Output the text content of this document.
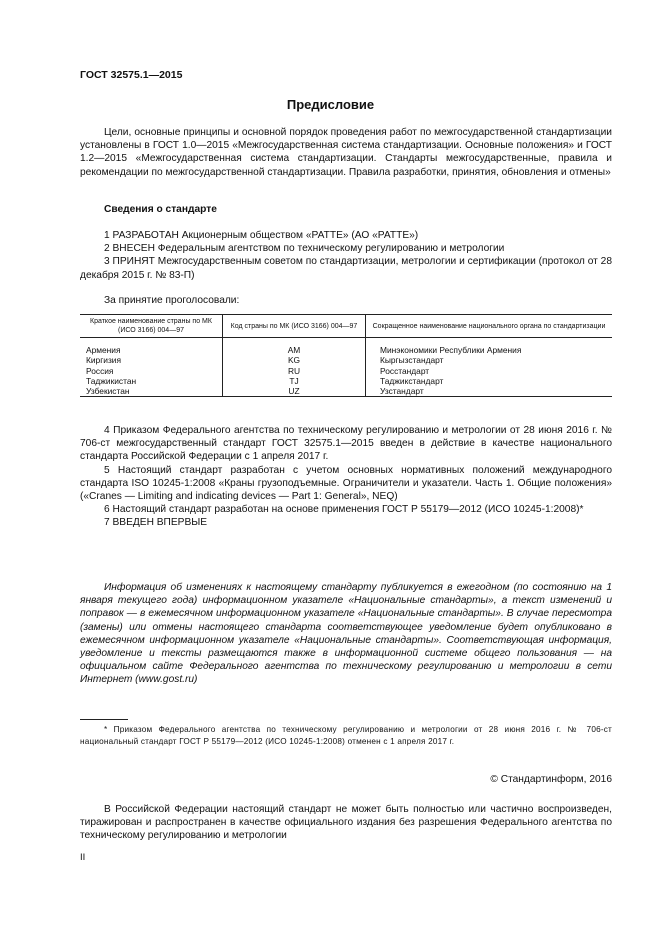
ГОСТ 32575.1—2015
Предисловие
Цели, основные принципы и основной порядок проведения работ по межгосударственной стандартизации установлены в ГОСТ 1.0—2015 «Межгосударственная система стандартизации. Основные положения» и ГОСТ 1.2—2015 «Межгосударственная система стандартизации. Стандарты межгосударственные, правила и рекомендации по межгосударственной стандартизации. Правила разработки, принятия, обновления и отмены»
Сведения о стандарте
1 РАЗРАБОТАН Акционерным обществом «РАТТЕ» (АО «РАТТЕ»)
2 ВНЕСЕН Федеральным агентством по техническому регулированию и метрологии
3 ПРИНЯТ Межгосударственным советом по стандартизации, метрологии и сертификации (протокол от 28 декабря 2015 г. № 83-П)
За принятие проголосовали:
Краткое наименование страны по МК (ИСО 3166) 004—97	Код страны по МК (ИСО 3166) 004—97	Сокращенное наименование национального органа по стандартизации
Армения	AM	Минэкономики Республики Армения
Киргизия	KG	Кыргызстандарт
Россия	RU	Росстандарт
Таджикистан	TJ	Таджикстандарт
Узбекистан	UZ	Узстандарт
4 Приказом Федерального агентства по техническому регулированию и метрологии от 28 июня 2016 г. № 706-ст межгосударственный стандарт ГОСТ 32575.1—2015 введен в действие в качестве национального стандарта Российской Федерации с 1 апреля 2017 г.
5 Настоящий стандарт разработан с учетом основных нормативных положений международного стандарта ISO 10245-1:2008 «Краны грузоподъемные. Ограничители и указатели. Часть 1. Общие положения» («Cranes — Limiting and indicating devices — Part 1: General», NEQ)
6 Настоящий стандарт разработан на основе применения ГОСТ Р 55179—2012 (ИСО 10245-1:2008)*
7 ВВЕДЕН ВПЕРВЫЕ
Информация об изменениях к настоящему стандарту публикуется в ежегодном (по состоянию на 1 января текущего года) информационном указателе «Национальные стандарты», а текст изменений и поправок — в ежемесячном информационном указателе «Национальные стандарты». В случае пересмотра (замены) или отмены настоящего стандарта соответствующее уведомление будет опубликовано в ежемесячном информационном указателе «Национальные стандарты». Соответствующая информация, уведомление и тексты размещаются также в информационной системе общего пользования — на официальном сайте Федерального агентства по техническому регулированию и метрологии в сети Интернет (www.gost.ru)
* Приказом Федерального агентства по техническому регулированию и метрологии от 28 июня 2016 г. № 706-ст национальный стандарт ГОСТ Р 55179—2012 (ИСО 10245-1:2008) отменен с 1 апреля 2017 г.
© Стандартинформ, 2016
В Российской Федерации настоящий стандарт не может быть полностью или частично воспроизведен, тиражирован и распространен в качестве официального издания без разрешения Федерального агентства по техническому регулированию и метрологии
II
